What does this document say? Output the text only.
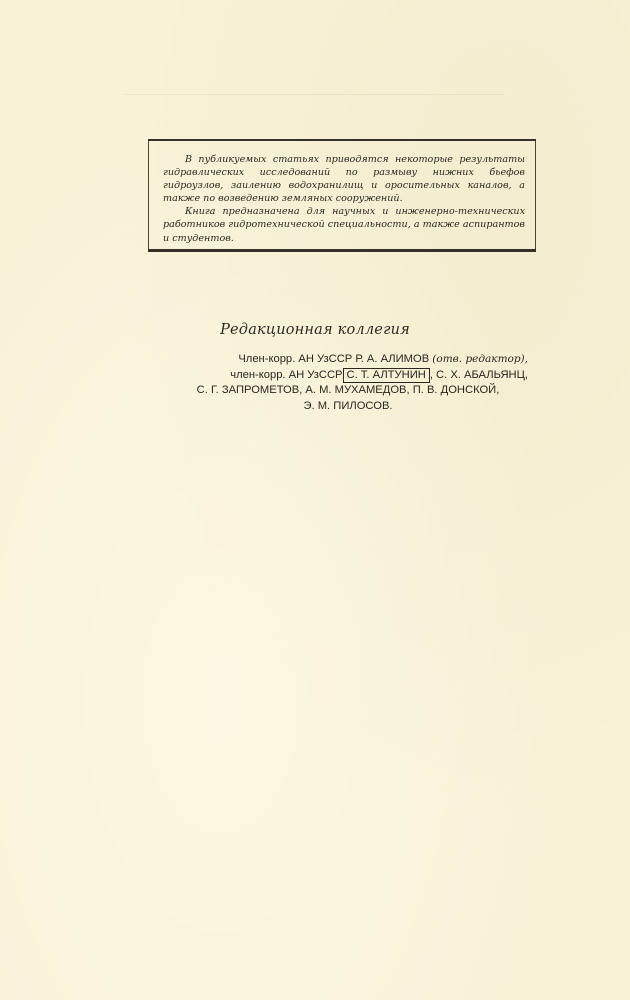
В публикуемых статьях приводятся некоторые результаты гидравлических исследований по размыву нижних бьефов гидроузлов, заилению водохранилищ и оросительных каналов, а также по возведению земляных сооружений.

Книга предназначена для научных и инженерно-технических работников гидротехнической специальности, а также аспирантов и студентов.

Редакционная коллегия
Член-корр. АН УзССР Р. А. АЛИМОВ (отв. редактор),
член-корр. АН УзССР С. Т. АЛТУНИН , С. Х. АБАЛЬЯНЦ,
С. Г. ЗАПРОМЕТОВ, А. М. МУХАМЕДОВ, П. В. ДОНСКОЙ,
Э. М. ПИЛОСОВ.
